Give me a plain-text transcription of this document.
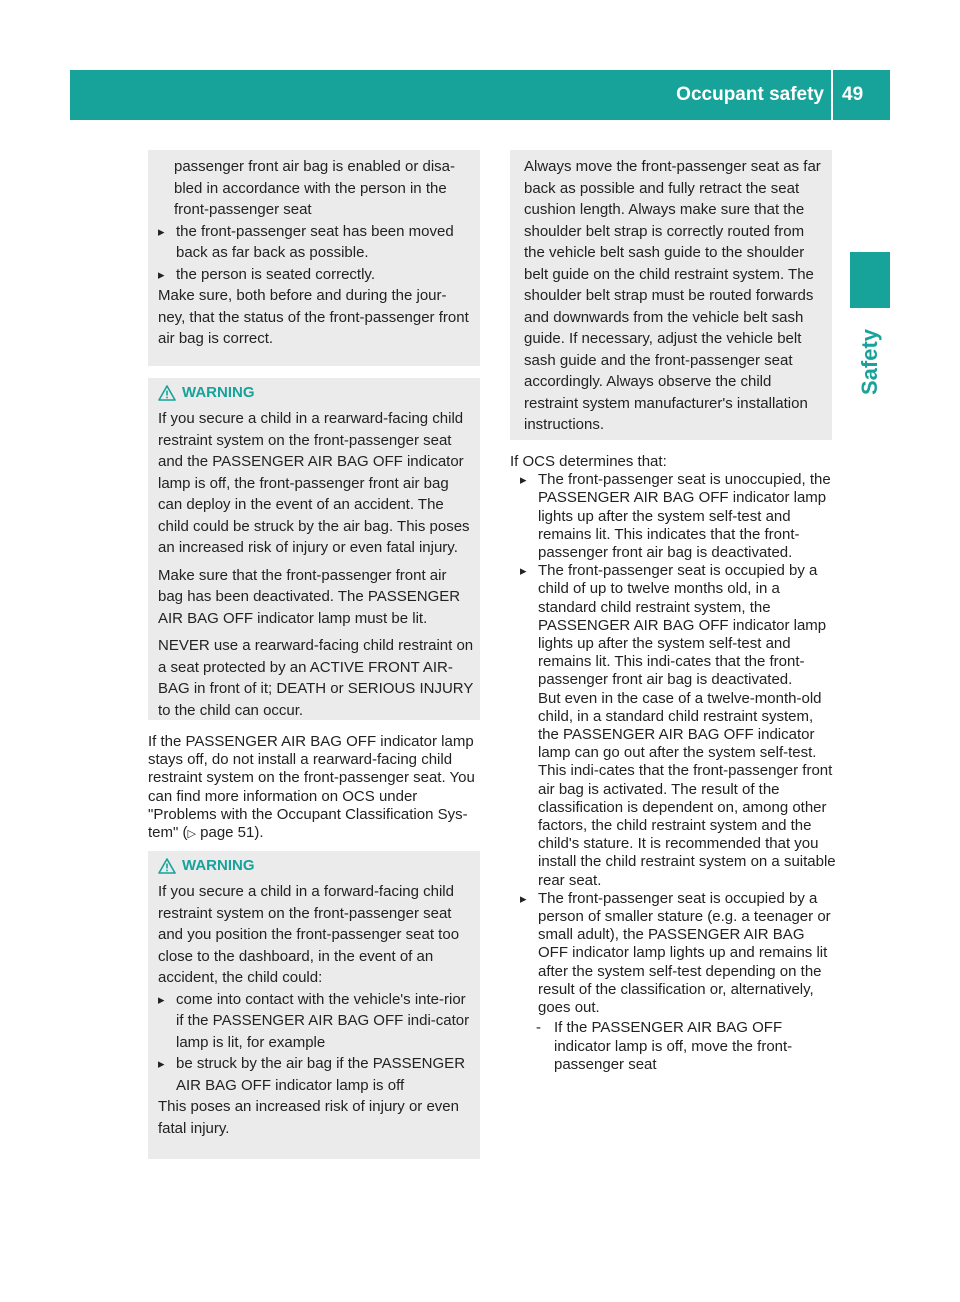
Occupant safety 49
Safety

passenger front air bag is enabled or disa-bled in accordance with the person in the front-passenger seat

▸ the front-passenger seat has been moved back as far back as possible.

▸ the person is seated correctly.

Make sure, both before and during the jour-ney, that the status of the front-passenger front air bag is correct.

WARNING

If you secure a child in a rearward-facing child restraint system on the front-passenger seat and the PASSENGER AIR BAG OFF indicator lamp is off, the front-passenger front air bag can deploy in the event of an accident. The child could be struck by the air bag. This poses an increased risk of injury or even fatal injury.

Make sure that the front-passenger front air bag has been deactivated. The PASSENGER AIR BAG OFF indicator lamp must be lit.

NEVER use a rearward-facing child restraint on a seat protected by an ACTIVE FRONT AIR-BAG in front of it; DEATH or SERIOUS INJURY to the child can occur.

If the PASSENGER AIR BAG OFF indicator lamp stays off, do not install a rearward-facing child restraint system on the front-passenger seat. You can find more information on OCS under "Problems with the Occupant Classification Sys-tem" (▷ page 51).

WARNING

If you secure a child in a forward-facing child restraint system on the front-passenger seat and you position the front-passenger seat too close to the dashboard, in the event of an accident, the child could:

▸ come into contact with the vehicle's inte-rior if the PASSENGER AIR BAG OFF indi-cator lamp is lit, for example

▸ be struck by the air bag if the PASSENGER AIR BAG OFF indicator lamp is off

This poses an increased risk of injury or even fatal injury.

Always move the front-passenger seat as far back as possible and fully retract the seat cushion length. Always make sure that the shoulder belt strap is correctly routed from the vehicle belt sash guide to the shoulder belt guide on the child restraint system. The shoulder belt strap must be routed forwards and downwards from the vehicle belt sash guide. If necessary, adjust the vehicle belt sash guide and the front-passenger seat accordingly. Always observe the child restraint system manufacturer's installation instructions.

If OCS determines that:

▸ The front-passenger seat is unoccupied, the PASSENGER AIR BAG OFF indicator lamp lights up after the system self-test and remains lit. This indicates that the front-passenger front air bag is deactivated.

▸ The front-passenger seat is occupied by a child of up to twelve months old, in a standard child restraint system, the PASSENGER AIR BAG OFF indicator lamp lights up after the system self-test and remains lit. This indi-cates that the front-passenger front air bag is deactivated.

But even in the case of a twelve-month-old child, in a standard child restraint system, the PASSENGER AIR BAG OFF indicator lamp can go out after the system self-test. This indi-cates that the front-passenger front air bag is activated. The result of the classification is dependent on, among other factors, the child restraint system and the child's stature. It is recommended that you install the child restraint system on a suitable rear seat.

▸ The front-passenger seat is occupied by a person of smaller stature (e.g. a teenager or small adult), the PASSENGER AIR BAG OFF indicator lamp lights up and remains lit after the system self-test depending on the result of the classification or, alternatively, goes out.

- If the PASSENGER AIR BAG OFF indicator lamp is off, move the front-passenger seat
